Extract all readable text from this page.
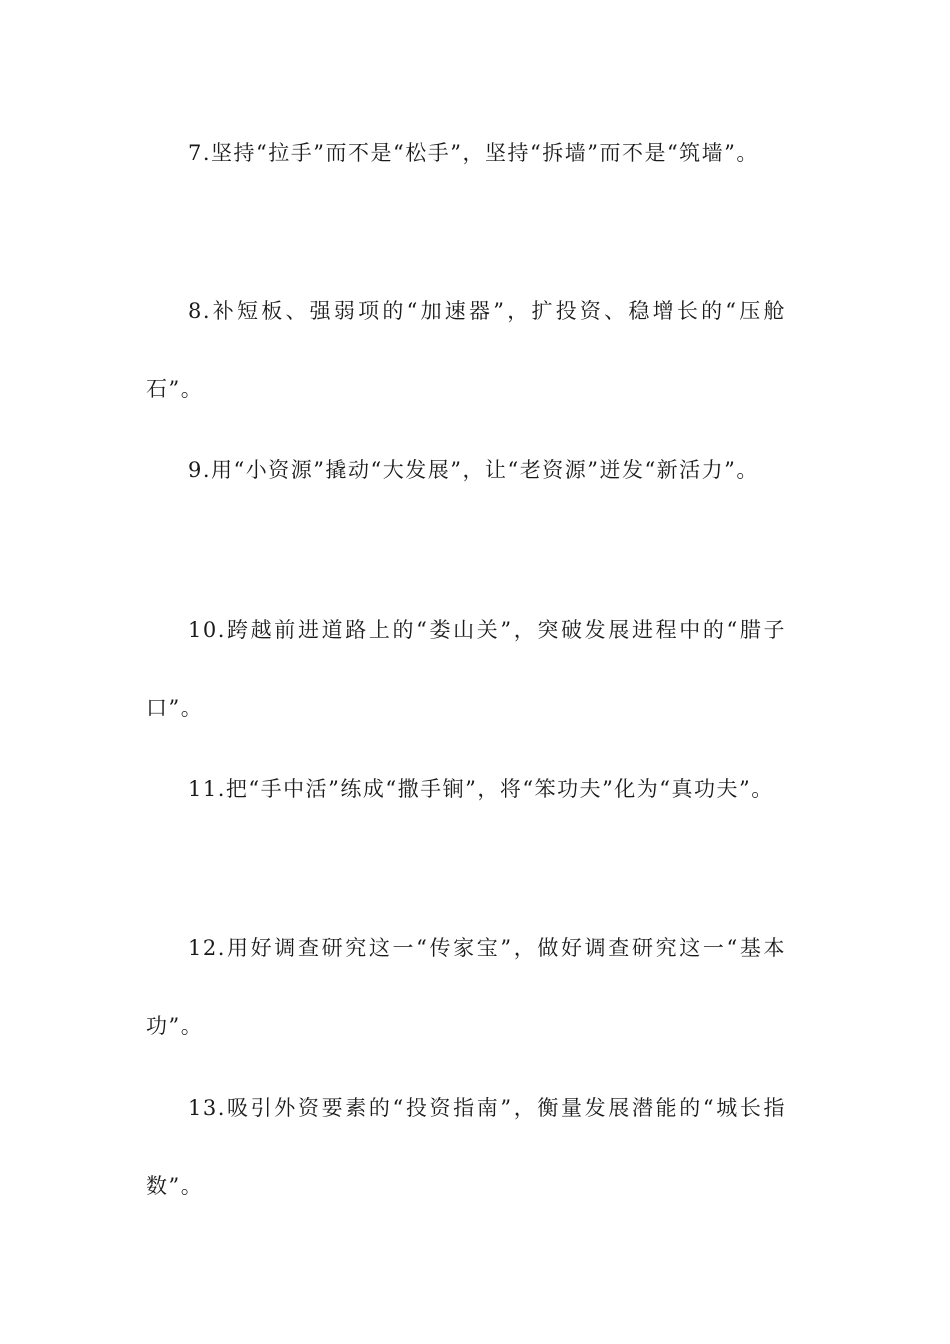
7.坚持“拉手”而不是“松手”，坚持“拆墙”而不是“筑墙”。

8.补短板、强弱项的“加速器”，扩投资、稳增长的“压舱石”。

9.用“小资源”撬动“大发展”，让“老资源”迸发“新活力”。

10.跨越前进道路上的“娄山关”，突破发展进程中的“腊子口”。

11.把“手中活”练成“撒手锏”，将“笨功夫”化为“真功夫”。

12.用好调查研究这一“传家宝”，做好调查研究这一“基本功”。

13.吸引外资要素的“投资指南”，衡量发展潜能的“城长指数”。
